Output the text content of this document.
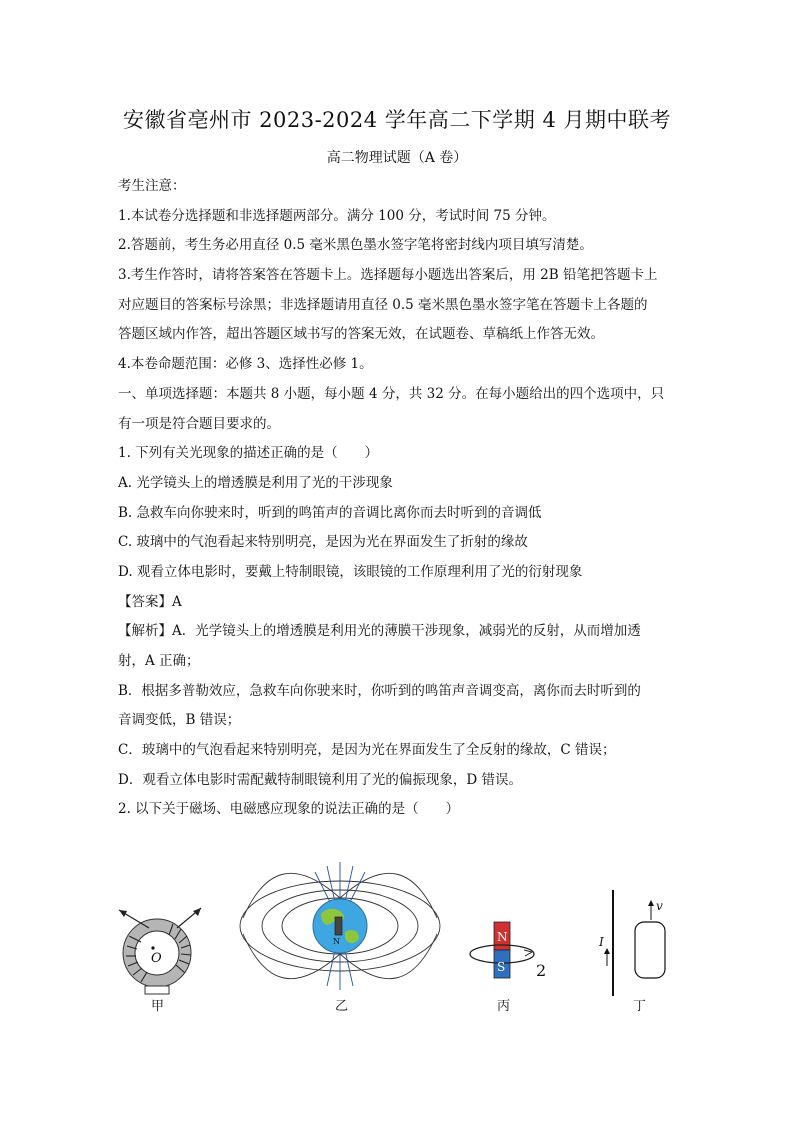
安徽省亳州市 2023-2024 学年高二下学期 4 月期中联考
高二物理试题（A 卷）

考生注意：

1.本试卷分选择题和非选择题两部分。满分 100 分，考试时间 75 分钟。

2.答题前，考生务必用直径 0.5 毫米黑色墨水签字笔将密封线内项目填写清楚。

3.考生作答时，请将答案答在答题卡上。选择题每小题选出答案后，用 2B 铅笔把答题卡上

对应题目的答案标号涂黑；非选择题请用直径 0.5 毫米黑色墨水签字笔在答题卡上各题的

答题区域内作答，超出答题区域书写的答案无效，在试题卷、草稿纸上作答无效。

4.本卷命题范围：必修 3、选择性必修 1。

一、单项选择题：本题共 8 小题，每小题 4 分，共 32 分。在每小题给出的四个选项中，只

有一项是符合题目要求的。

1. 下列有关光现象的描述正确的是（　　）

A. 光学镜头上的增透膜是利用了光的干涉现象

B. 急救车向你驶来时，听到的鸣笛声的音调比离你而去时听到的音调低

C. 玻璃中的气泡看起来特别明亮，是因为光在界面发生了折射的缘故

D. 观看立体电影时，要戴上特制眼镜，该眼镜的工作原理利用了光的衍射现象

【答案】A

【解析】A．光学镜头上的增透膜是利用光的薄膜干涉现象，减弱光的反射，从而增加透

射，A 正确；

B．根据多普勒效应，急救车向你驶来时，你听到的鸣笛声音调变高，离你而去时听到的

音调变低，B 错误；

C．玻璃中的气泡看起来特别明亮，是因为光在界面发生了全反射的缘故，C 错误；

D．观看立体电影时需配戴特制眼镜利用了光的偏振现象，D 错误。

2. 以下关于磁场、电磁感应现象的说法正确的是（　　）

O
甲
N
乙
N
S 2
丙
I
v
丁
